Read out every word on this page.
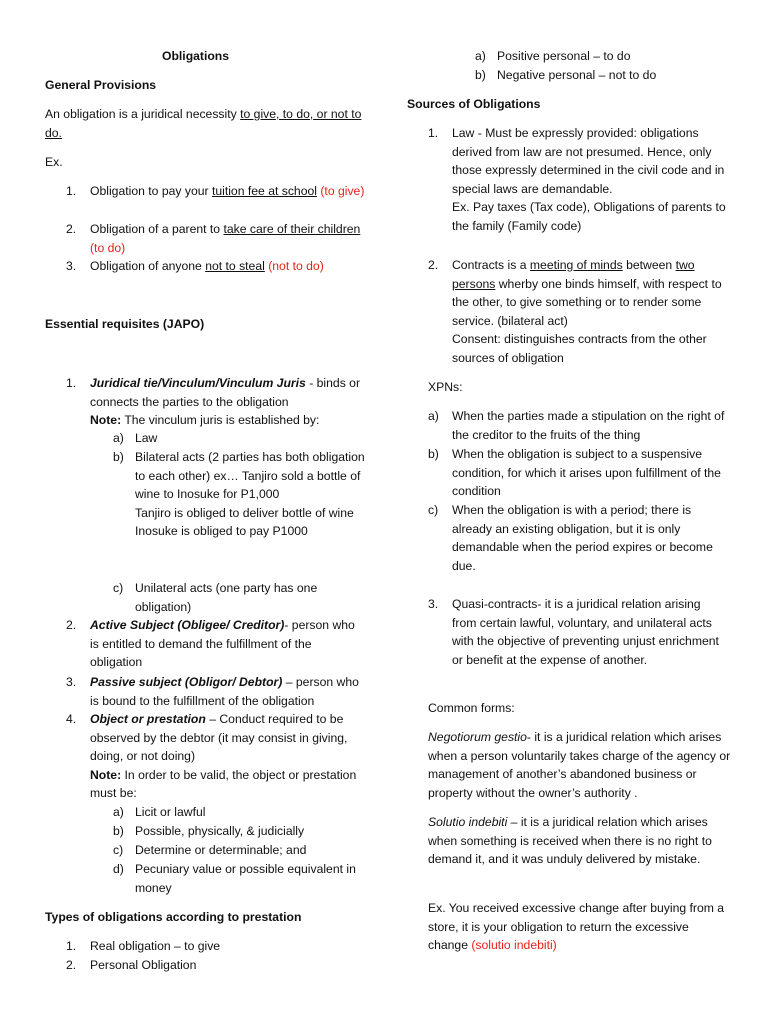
Obligations
General Provisions
An obligation is a juridical necessity to give, to do, or not to do.
Ex.
1.	Obligation to pay your tuition fee at school (to give)
2.	Obligation of a parent to take care of their children (to do)
3.	Obligation of anyone not to steal (not to do)
Essential requisites (JAPO)
1.	Juridical tie/Vinculum/Vinculum Juris - binds or connects the parties to the obligation
Note: The vinculum juris is established by:
a) Law
b) Bilateral acts (2 parties has both obligation to each other) ex… Tanjiro sold a bottle of wine to Inosuke for P1,000
Tanjiro is obliged to deliver bottle of wine
Inosuke is obliged to pay P1000
c) Unilateral acts (one party has one obligation)
2.	Active Subject (Obligee/ Creditor)- person who is entitled to demand the fulfillment of the obligation
3.	Passive subject (Obligor/ Debtor) – person who is bound to the fulfillment of the obligation
4.	Object or prestation – Conduct required to be observed by the debtor (it may consist in giving, doing, or not doing)
Note: In order to be valid, the object or prestation must be:
a) Licit or lawful
b) Possible, physically, & judicially
c) Determine or determinable; and
d) Pecuniary value or possible equivalent in money
Types of obligations according to prestation
1.	Real obligation – to give
2.	Personal Obligation
a) Positive personal – to do
b) Negative personal – not to do
Sources of Obligations
1.	Law - Must be expressly provided: obligations derived from law are not presumed. Hence, only those expressly determined in the civil code and in special laws are demandable.
Ex. Pay taxes (Tax code), Obligations of parents to the family (Family code)
2.	Contracts is a meeting of minds between two persons wherby one binds himself, with respect to the other, to give something or to render some service. (bilateral act)
Consent: distinguishes contracts from the other sources of obligation
XPNs:
a)	When the parties made a stipulation on the right of the creditor to the fruits of the thing
b)	When the obligation is subject to a suspensive condition, for which it arises upon fulfillment of the condition
c)	When the obligation is with a period; there is already an existing obligation, but it is only demandable when the period expires or become due.
3.	Quasi-contracts- it is a juridical relation arising from certain lawful, voluntary, and unilateral acts with the objective of preventing unjust enrichment or benefit at the expense of another.
Common forms:
Negotiorum gestio- it is a juridical relation which arises when a person voluntarily takes charge of the agency or management of another’s abandoned business or property without the owner’s authority .
Solutio indebiti – it is a juridical relation which arises when something is received when there is no right to demand it, and it was unduly delivered by mistake.
Ex. You received excessive change after buying from a store, it is your obligation to return the excessive change (solutio indebiti)
